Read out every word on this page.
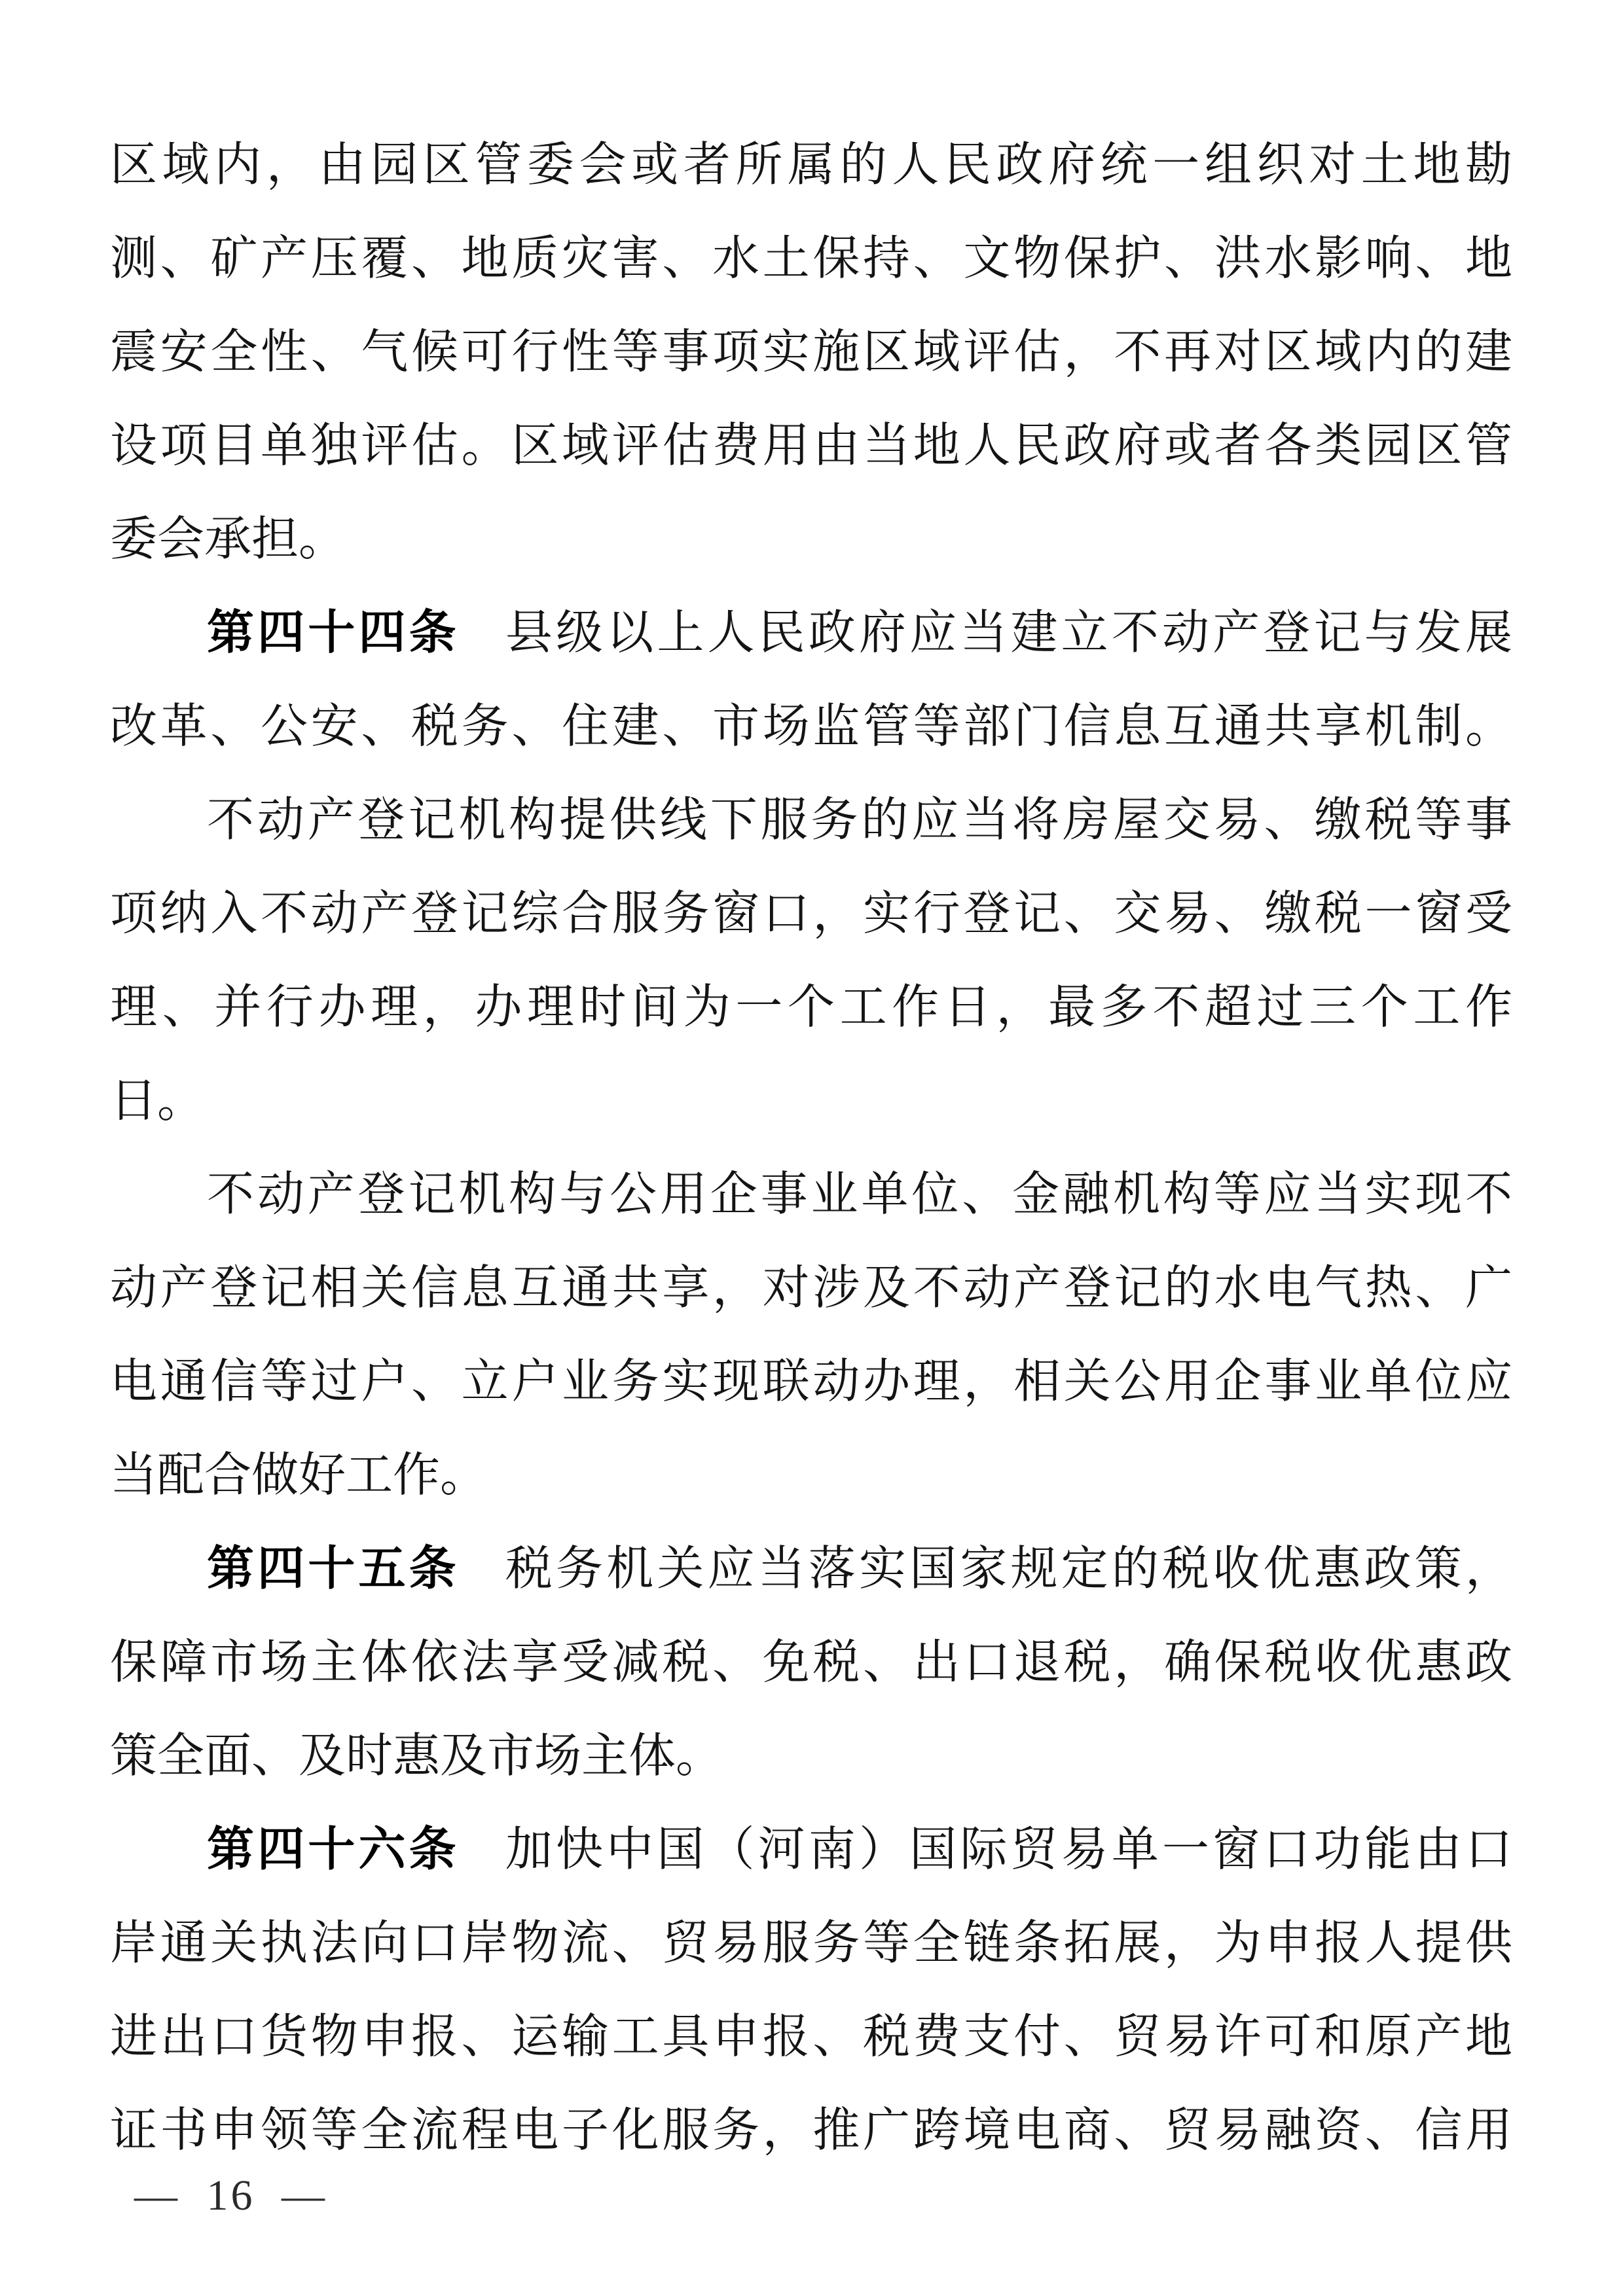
区域内，由园区管委会或者所属的人民政府统一组织对土地勘
测、矿产压覆、地质灾害、水土保持、文物保护、洪水影响、地
震安全性、气候可行性等事项实施区域评估，不再对区域内的建
设项目单独评估。区域评估费用由当地人民政府或者各类园区管
委会承担。
第四十四条 县级以上人民政府应当建立不动产登记与发展
改革、公安、税务、住建、市场监管等部门信息互通共享机制。
不动产登记机构提供线下服务的应当将房屋交易、缴税等事
项纳入不动产登记综合服务窗口，实行登记、交易、缴税一窗受
理、并行办理，办理时间为一个工作日，最多不超过三个工作
日。
不动产登记机构与公用企事业单位、金融机构等应当实现不
动产登记相关信息互通共享，对涉及不动产登记的水电气热、广
电通信等过户、立户业务实现联动办理，相关公用企事业单位应
当配合做好工作。
第四十五条 税务机关应当落实国家规定的税收优惠政策，
保障市场主体依法享受减税、免税、出口退税，确保税收优惠政
策全面、及时惠及市场主体。
第四十六条 加快中国（河南）国际贸易单一窗口功能由口
岸通关执法向口岸物流、贸易服务等全链条拓展，为申报人提供
进出口货物申报、运输工具申报、税费支付、贸易许可和原产地
证书申领等全流程电子化服务，推广跨境电商、贸易融资、信用
— 16 —
